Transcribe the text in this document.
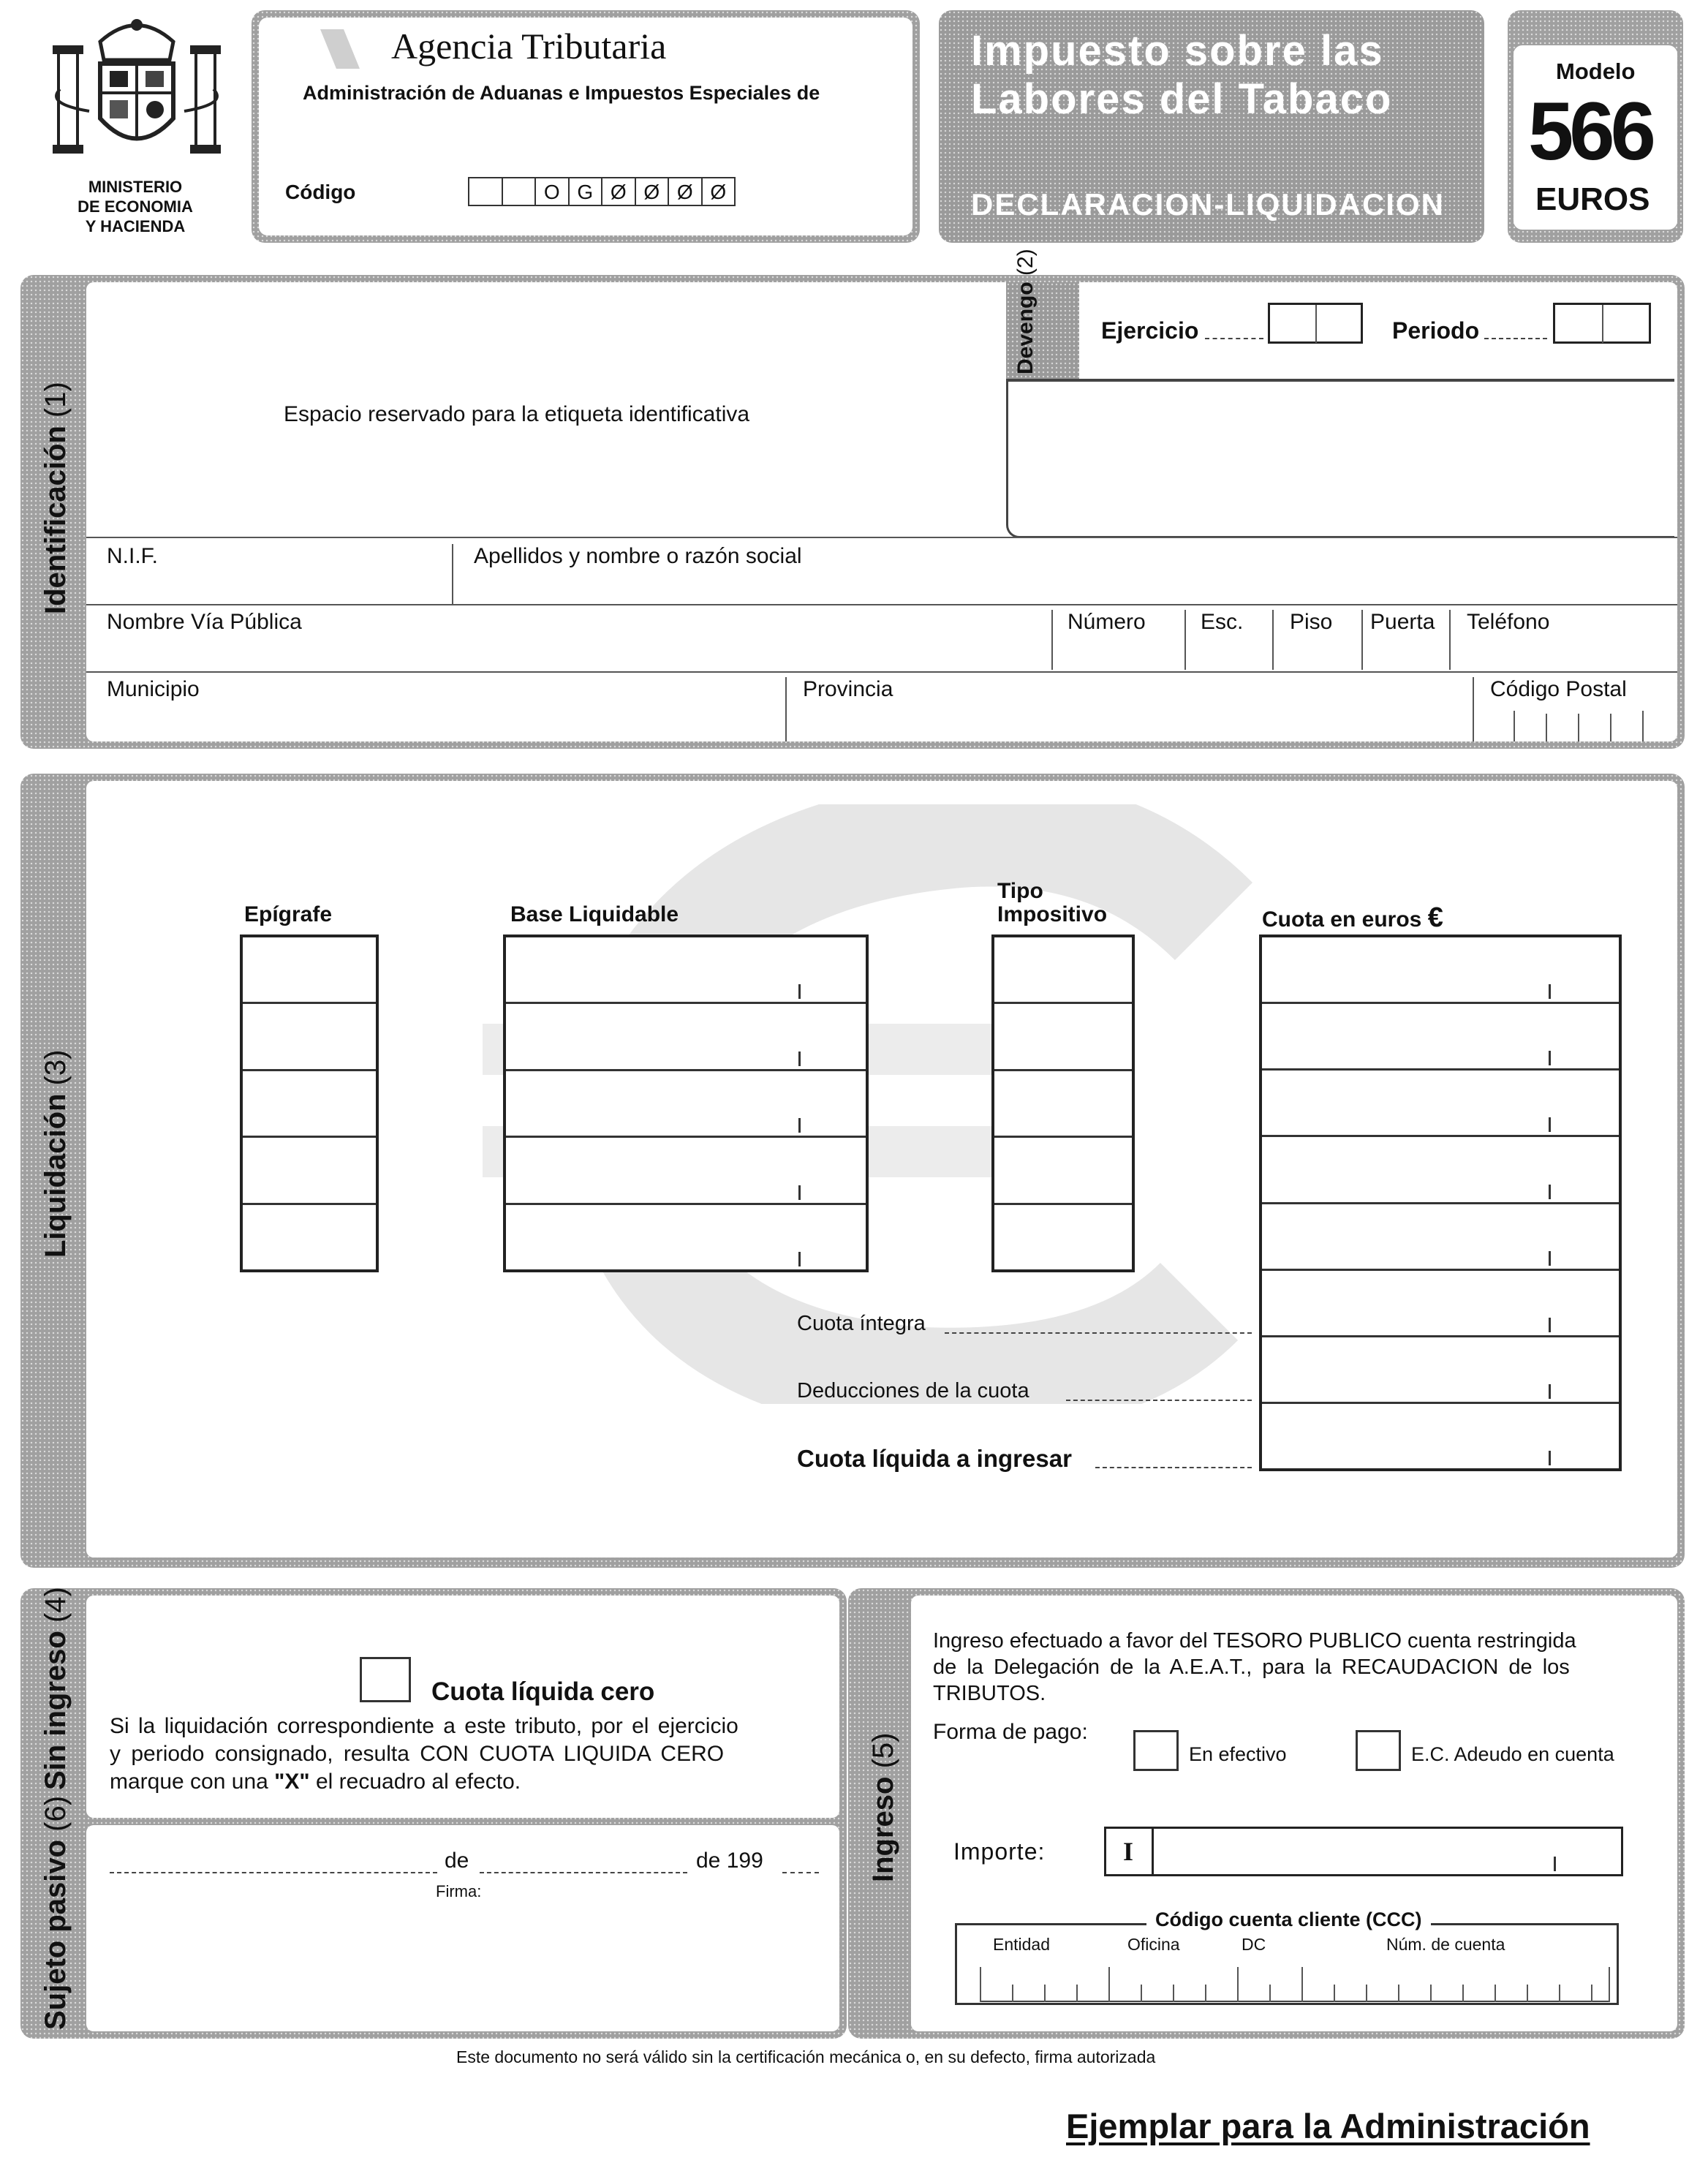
MINISTERIO
DE ECONOMIA
Y HACIENDA
Agencia Tributaria
Administración de Aduanas e Impuestos Especiales de
Código	O G Ø Ø Ø Ø
Impuesto sobre las
Labores del Tabaco
DECLARACION-LIQUIDACION
Modelo
566
EUROS
Identificación (1)	Espacio reservado para la etiqueta identificativa
Devengo (2)
Ejercicio	Periodo
N.I.F.	Apellidos y nombre o razón social
Nombre Vía Pública	Número	Esc. Piso Puerta Teléfono
Municipio	Provincia	Código Postal
Liquidación (3)
Epígrafe	Base Liquidable
Tipo
Impositivo	Cuota en euros €
Cuota íntegra
Deducciones de la cuota
Cuota líquida a ingresar
Sin ingreso (4)
Sujeto pasivo (6)
Cuota líquida cero
Si la liquidación correspondiente a este tributo, por el ejercicio
y periodo consignado, resulta CON CUOTA LIQUIDA CERO
marque con una "X" el recuadro al efecto.
de	de 199
Firma:
Ingreso (5)
Ingreso efectuado a favor del TESORO PUBLICO cuenta restringida
de la Delegación de la A.E.A.T., para la RECAUDACION de los
TRIBUTOS.
Forma de pago:
En efectivo	E.C. Adeudo en cuenta
Importe:	I
Código cuenta cliente (CCC)
Entidad	Oficina	DC	Núm. de cuenta
Este documento no será válido sin la certificación mecánica o, en su defecto, firma autorizada
Ejemplar para la Administración
